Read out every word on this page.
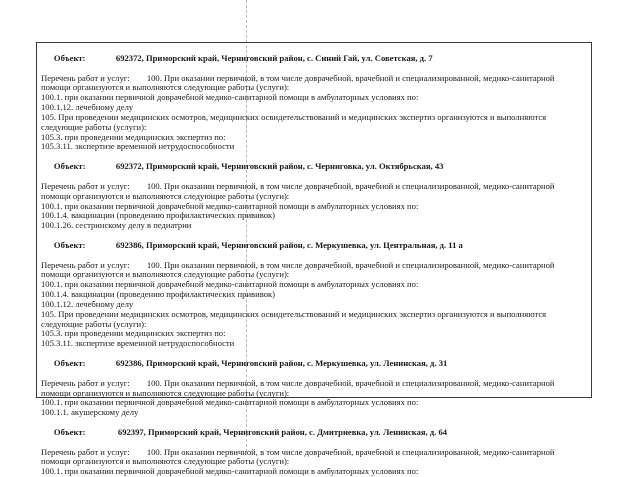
Объект:	692372, Приморский край, Черниговский район, с. Синий Гай, ул. Советская, д. 7

Перечень работ и услуг:        100. При оказании первичной, в том числе доврачебной, врачебной и специализированной, медико-санитарной
помощи организуются и выполняются следующие работы (услуги):
100.1. при оказании первичной доврачебной медико-санитарной помощи в амбулаторных условиях по:
100.1.12. лечебному делу
105. При проведении медицинских осмотров, медицинских освидетельствований и медицинских экспертиз организуются и выполняются
следующие работы (услуги):
105.3. при проведении медицинских экспертиз по:
105.3.11. экспертизе временной нетрудоспособности

Объект:	692372, Приморский край, Черниговский район, с. Черниговка, ул. Октябрьская, 43

Перечень работ и услуг:        100. При оказании первичной, в том числе доврачебной, врачебной и специализированной, медико-санитарной
помощи организуются и выполняются следующие работы (услуги):
100.1. при оказании первичной доврачебной медико-санитарной помощи в амбулаторных условиях по:
100.1.4. вакцинации (проведению профилактических прививок)
100.1.26. сестринскому делу в педиатрии

Объект:	692386, Приморский край, Черниговский район, с. Меркушевка, ул. Центральная, д. 11 а

Перечень работ и услуг:        100. При оказании первичной, в том числе доврачебной, врачебной и специализированной, медико-санитарной
помощи организуются и выполняются следующие работы (услуги):
100.1. при оказании первичной доврачебной медико-санитарной помощи в амбулаторных условиях по:
100.1.4. вакцинации (проведению профилактических прививок)
100.1.12. лечебному делу
105. При проведении медицинских осмотров, медицинских освидетельствований и медицинских экспертиз организуются и выполняются
следующие работы (услуги):
105.3. при проведении медицинских экспертиз по:
105.3.11. экспертизе временной нетрудоспособности

Объект:	692386, Приморский край, Черниговский район, с. Меркушевка, ул. Ленинская, д. 31

Перечень работ и услуг:        100. При оказании первичной, в том числе доврачебной, врачебной и специализированной, медико-санитарной
помощи организуются и выполняются следующие работы (услуги):
100.1. при оказании первичной доврачебной медико-санитарной помощи в амбулаторных условиях по:
100.1.1. акушерскому делу

Объект:	692397, Приморский край, Черниговский район, с. Дмитриевка, ул. Ленинская, д. 64

Перечень работ и услуг:        100. При оказании первичной, в том числе доврачебной, врачебной и специализированной, медико-санитарной
помощи организуются и выполняются следующие работы (услуги):
100.1. при оказании первичной доврачебной медико-санитарной помощи в амбулаторных условиях по:
